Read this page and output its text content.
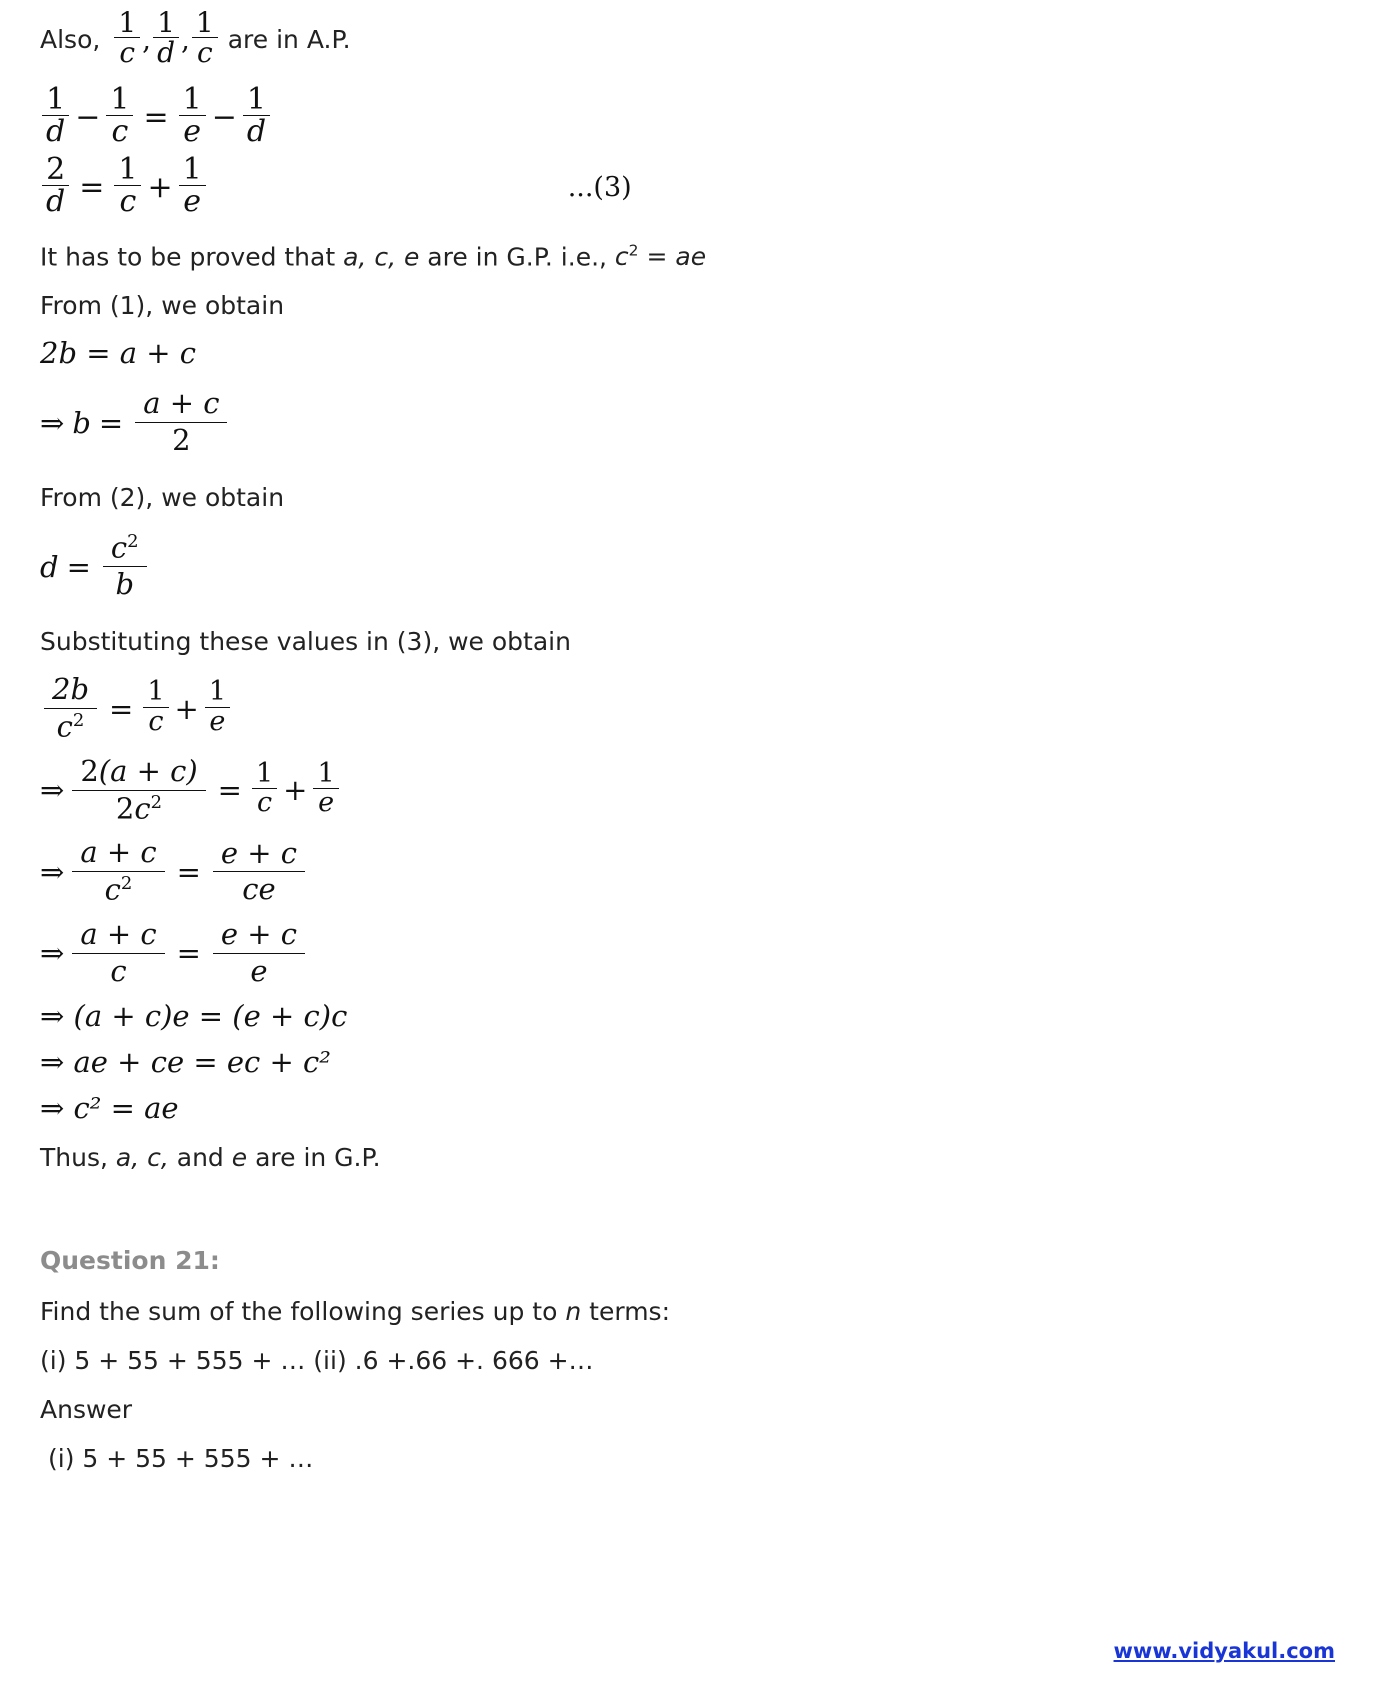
Also, $\frac{1}{c}$ , $\frac{1}{d}$ , $\frac{1}{c}$ are in A.P.
$\frac{1}{d} - \frac{1}{c} = \frac{1}{e} - \frac{1}{d}$
$\frac{2}{d} = \frac{1}{c} + \frac{1}{e}$	...(3)
It has to be proved that a, c, e are in G.P. i.e., $c^2$ = ae
From (1), we obtain
2b = a + c
⇒ $b = \frac{a + c}{2}$
From (2), we obtain
$d = \frac{c^2}{b}$
Substituting these values in (3), we obtain
$\frac{2b}{c^2} = \frac{1}{c} + \frac{1}{e}$
⇒ $\frac{2(a + c)}{2c^2} = \frac{1}{c} + \frac{1}{e}$
⇒ $\frac{a + c}{c^2} = \frac{e + c}{ce}$
⇒ $\frac{a + c}{c} = \frac{e + c}{e}$
⇒ (a + c)e = (e + c)c
⇒ ae + ce = ec + c²
⇒ c² = ae
Thus, a, c, and e are in G.P.
Question 21:
Find the sum of the following series up to n terms:
(i) 5 + 55 + 555 + … (ii) .6 +.66 +. 666 +…
Answer
(i) 5 + 55 + 555 + …
www.vidyakul.com
